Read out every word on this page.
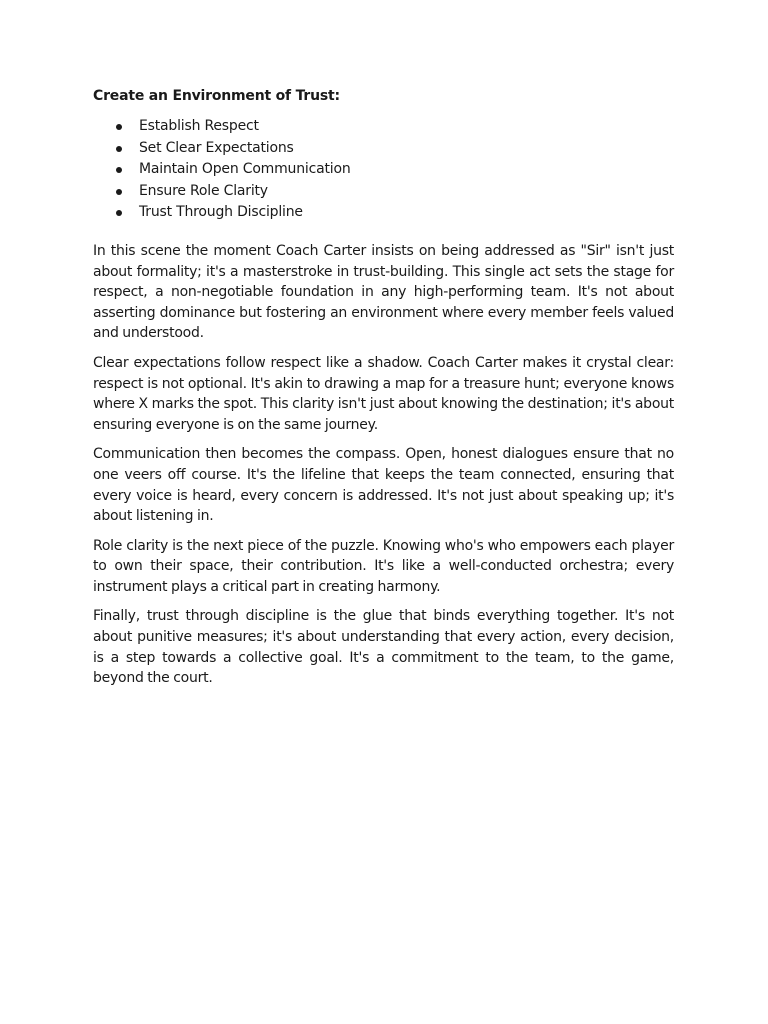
Create an Environment of Trust:
Establish Respect
Set Clear Expectations
Maintain Open Communication
Ensure Role Clarity
Trust Through Discipline

In this scene the moment Coach Carter insists on being addressed as "Sir" isn't just about formality; it's a masterstroke in trust-building. This single act sets the stage for respect, a non-negotiable foundation in any high-performing team. It's not about asserting dominance but fostering an environment where every member feels valued and understood.

Clear expectations follow respect like a shadow. Coach Carter makes it crystal clear: respect is not optional. It's akin to drawing a map for a treasure hunt; everyone knows where X marks the spot. This clarity isn't just about knowing the destination; it's about ensuring everyone is on the same journey.

Communication then becomes the compass. Open, honest dialogues ensure that no one veers off course. It's the lifeline that keeps the team connected, ensuring that every voice is heard, every concern is addressed. It's not just about speaking up; it's about listening in.

Role clarity is the next piece of the puzzle. Knowing who's who empowers each player to own their space, their contribution. It's like a well-conducted orchestra; every instrument plays a critical part in creating harmony.

Finally, trust through discipline is the glue that binds everything together. It's not about punitive measures; it's about understanding that every action, every decision, is a step towards a collective goal. It's a commitment to the team, to the game, beyond the court.
